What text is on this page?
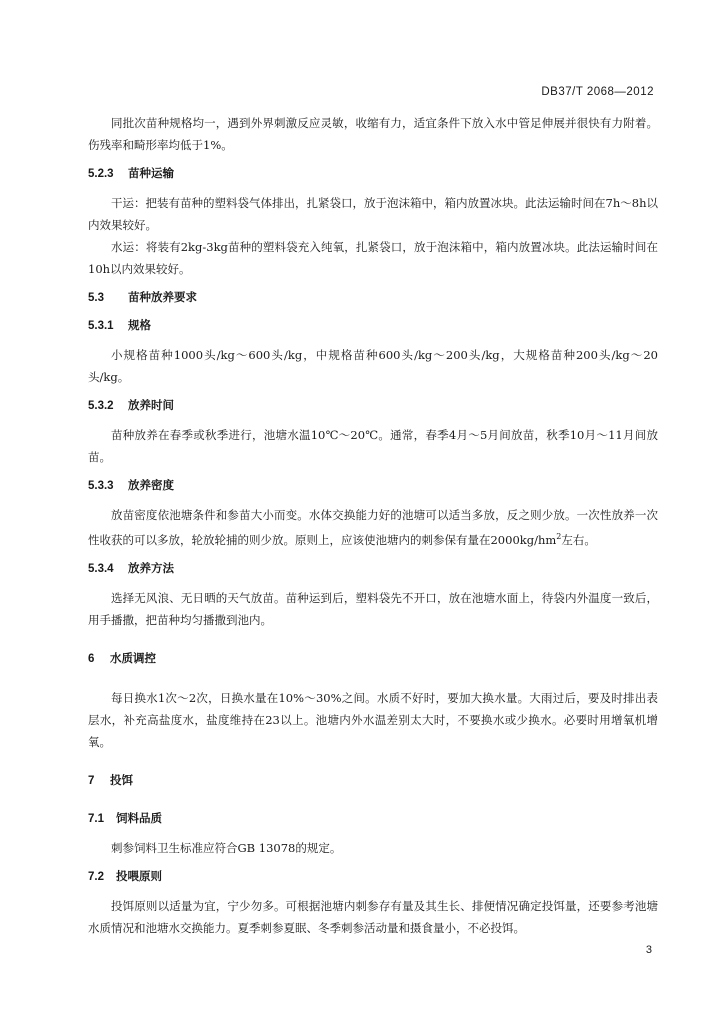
DB37/T 2068—2012

同批次苗种规格均一，遇到外界刺激反应灵敏，收缩有力，适宜条件下放入水中管足伸展并很快有力附着。伤残率和畸形率均低于1%。

5.2.3 苗种运输

干运：把装有苗种的塑料袋气体排出，扎紧袋口，放于泡沫箱中，箱内放置冰块。此法运输时间在7h～8h以内效果较好。

水运：将装有2kg-3kg苗种的塑料袋充入纯氧，扎紧袋口，放于泡沫箱中，箱内放置冰块。此法运输时间在10h以内效果较好。

5.3 苗种放养要求
5.3.1 规格

小规格苗种1000头/kg～600头/kg，中规格苗种600头/kg～200头/kg，大规格苗种200头/kg～20头/kg。

5.3.2 放养时间

苗种放养在春季或秋季进行，池塘水温10℃～20℃。通常，春季4月～5月间放苗，秋季10月～11月间放苗。

5.3.3 放养密度

放苗密度依池塘条件和参苗大小而变。水体交换能力好的池塘可以适当多放，反之则少放。一次性放养一次性收获的可以多放，轮放轮捕的则少放。原则上，应该使池塘内的刺参保有量在$2000kg/hm^2$左右。

5.3.4 放养方法

选择无风浪、无日晒的天气放苗。苗种运到后，塑料袋先不开口，放在池塘水面上，待袋内外温度一致后，用手播撒，把苗种均匀播撒到池内。

6 水质调控

每日换水1次～2次，日换水量在10%～30%之间。水质不好时，要加大换水量。大雨过后，要及时排出表层水，补充高盐度水，盐度维持在23以上。池塘内外水温差别太大时，不要换水或少换水。必要时用增氧机增氧。

7 投饵
7.1 饲料品质

刺参饲料卫生标准应符合GB 13078的规定。

7.2 投喂原则

投饵原则以适量为宜，宁少勿多。可根据池塘内刺参存有量及其生长、排便情况确定投饵量，还要参考池塘水质情况和池塘水交换能力。夏季刺参夏眠、冬季刺参活动量和摄食量小，不必投饵。

3
